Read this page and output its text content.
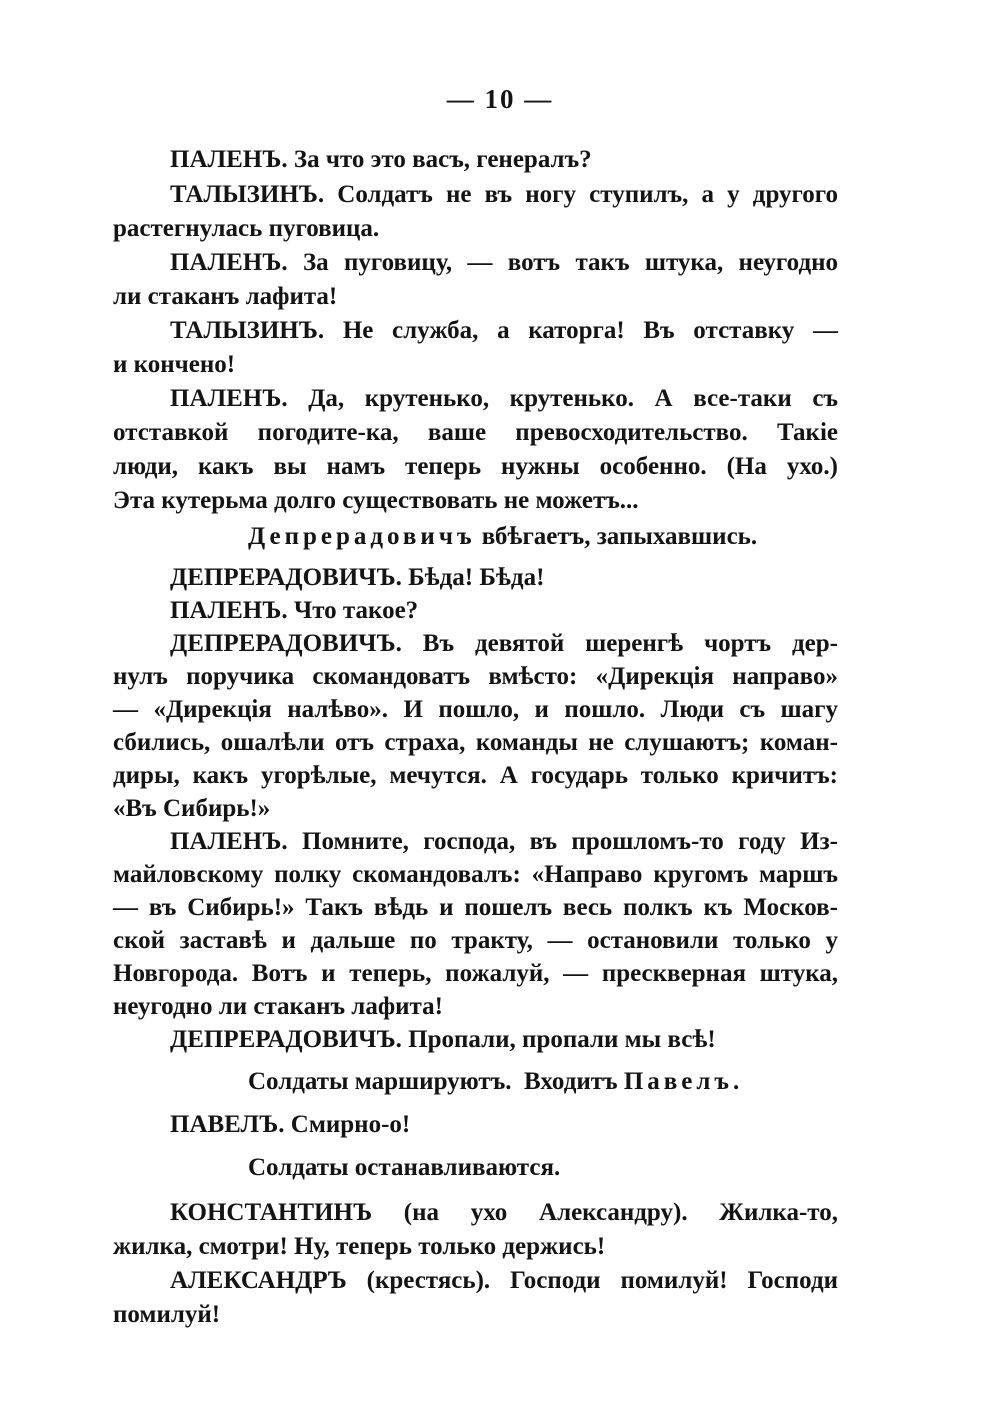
— 10 —
ПАЛЕНЪ. За что это васъ, генералъ?
ТАЛЫЗИНЪ. Солдатъ не въ ногу ступилъ, а у другого
растегнулась пуговица.
ПАЛЕНЪ. За пуговицу, — вотъ такъ штука, неугодно
ли стаканъ лафита!
ТАЛЫЗИНЪ. Не служба, а каторга! Въ отставку —
и кончено!
ПАЛЕНЪ. Да, крутенько, крутенько. А все-таки съ
отставкой погодите-ка, ваше превосходительство. Такіе
люди, какъ вы намъ теперь нужны особенно. (На ухо.)
Эта кутерьма долго существовать не можетъ...
Депрерадовичъ вбѣгаетъ, запыхавшись.
ДЕПРЕРАДОВИЧЪ. Бѣда! Бѣда!
ПАЛЕНЪ. Что такое?
ДЕПРЕРАДОВИЧЪ. Въ девятой шеренгѣ чортъ дер-
нулъ поручика скомандоватъ вмѣсто: «Дирекція направо»
— «Дирекція налѣво». И пошло, и пошло. Люди съ шагу
сбились, ошалѣли отъ страха, команды не слушаютъ; коман-
диры, какъ угорѣлые, мечутся. А государь только кричитъ:
«Въ Сибирь!»
ПАЛЕНЪ. Помните, господа, въ прошломъ-то году Из-
майловскому полку скомандовалъ: «Направо кругомъ маршъ
— въ Сибирь!» Такъ вѣдь и пошелъ весь полкъ къ Москов-
ской заставѣ и дальше по тракту, — остановили только у
Новгорода. Вотъ и теперь, пожалуй, — прескверная штука,
неугодно ли стаканъ лафита!
ДЕПРЕРАДОВИЧЪ. Пропали, пропали мы всѣ!
Солдаты маршируютъ.  Входитъ Павелъ.
ПАВЕЛЪ. Смирно-о!
Солдаты останавливаются.
КОНСТАНТИНЪ (на ухо Александру). Жилка-то,
жилка, смотри! Ну, теперь только держись!
АЛЕКСАНДРЪ (крестясь). Господи помилуй! Господи
помилуй!
